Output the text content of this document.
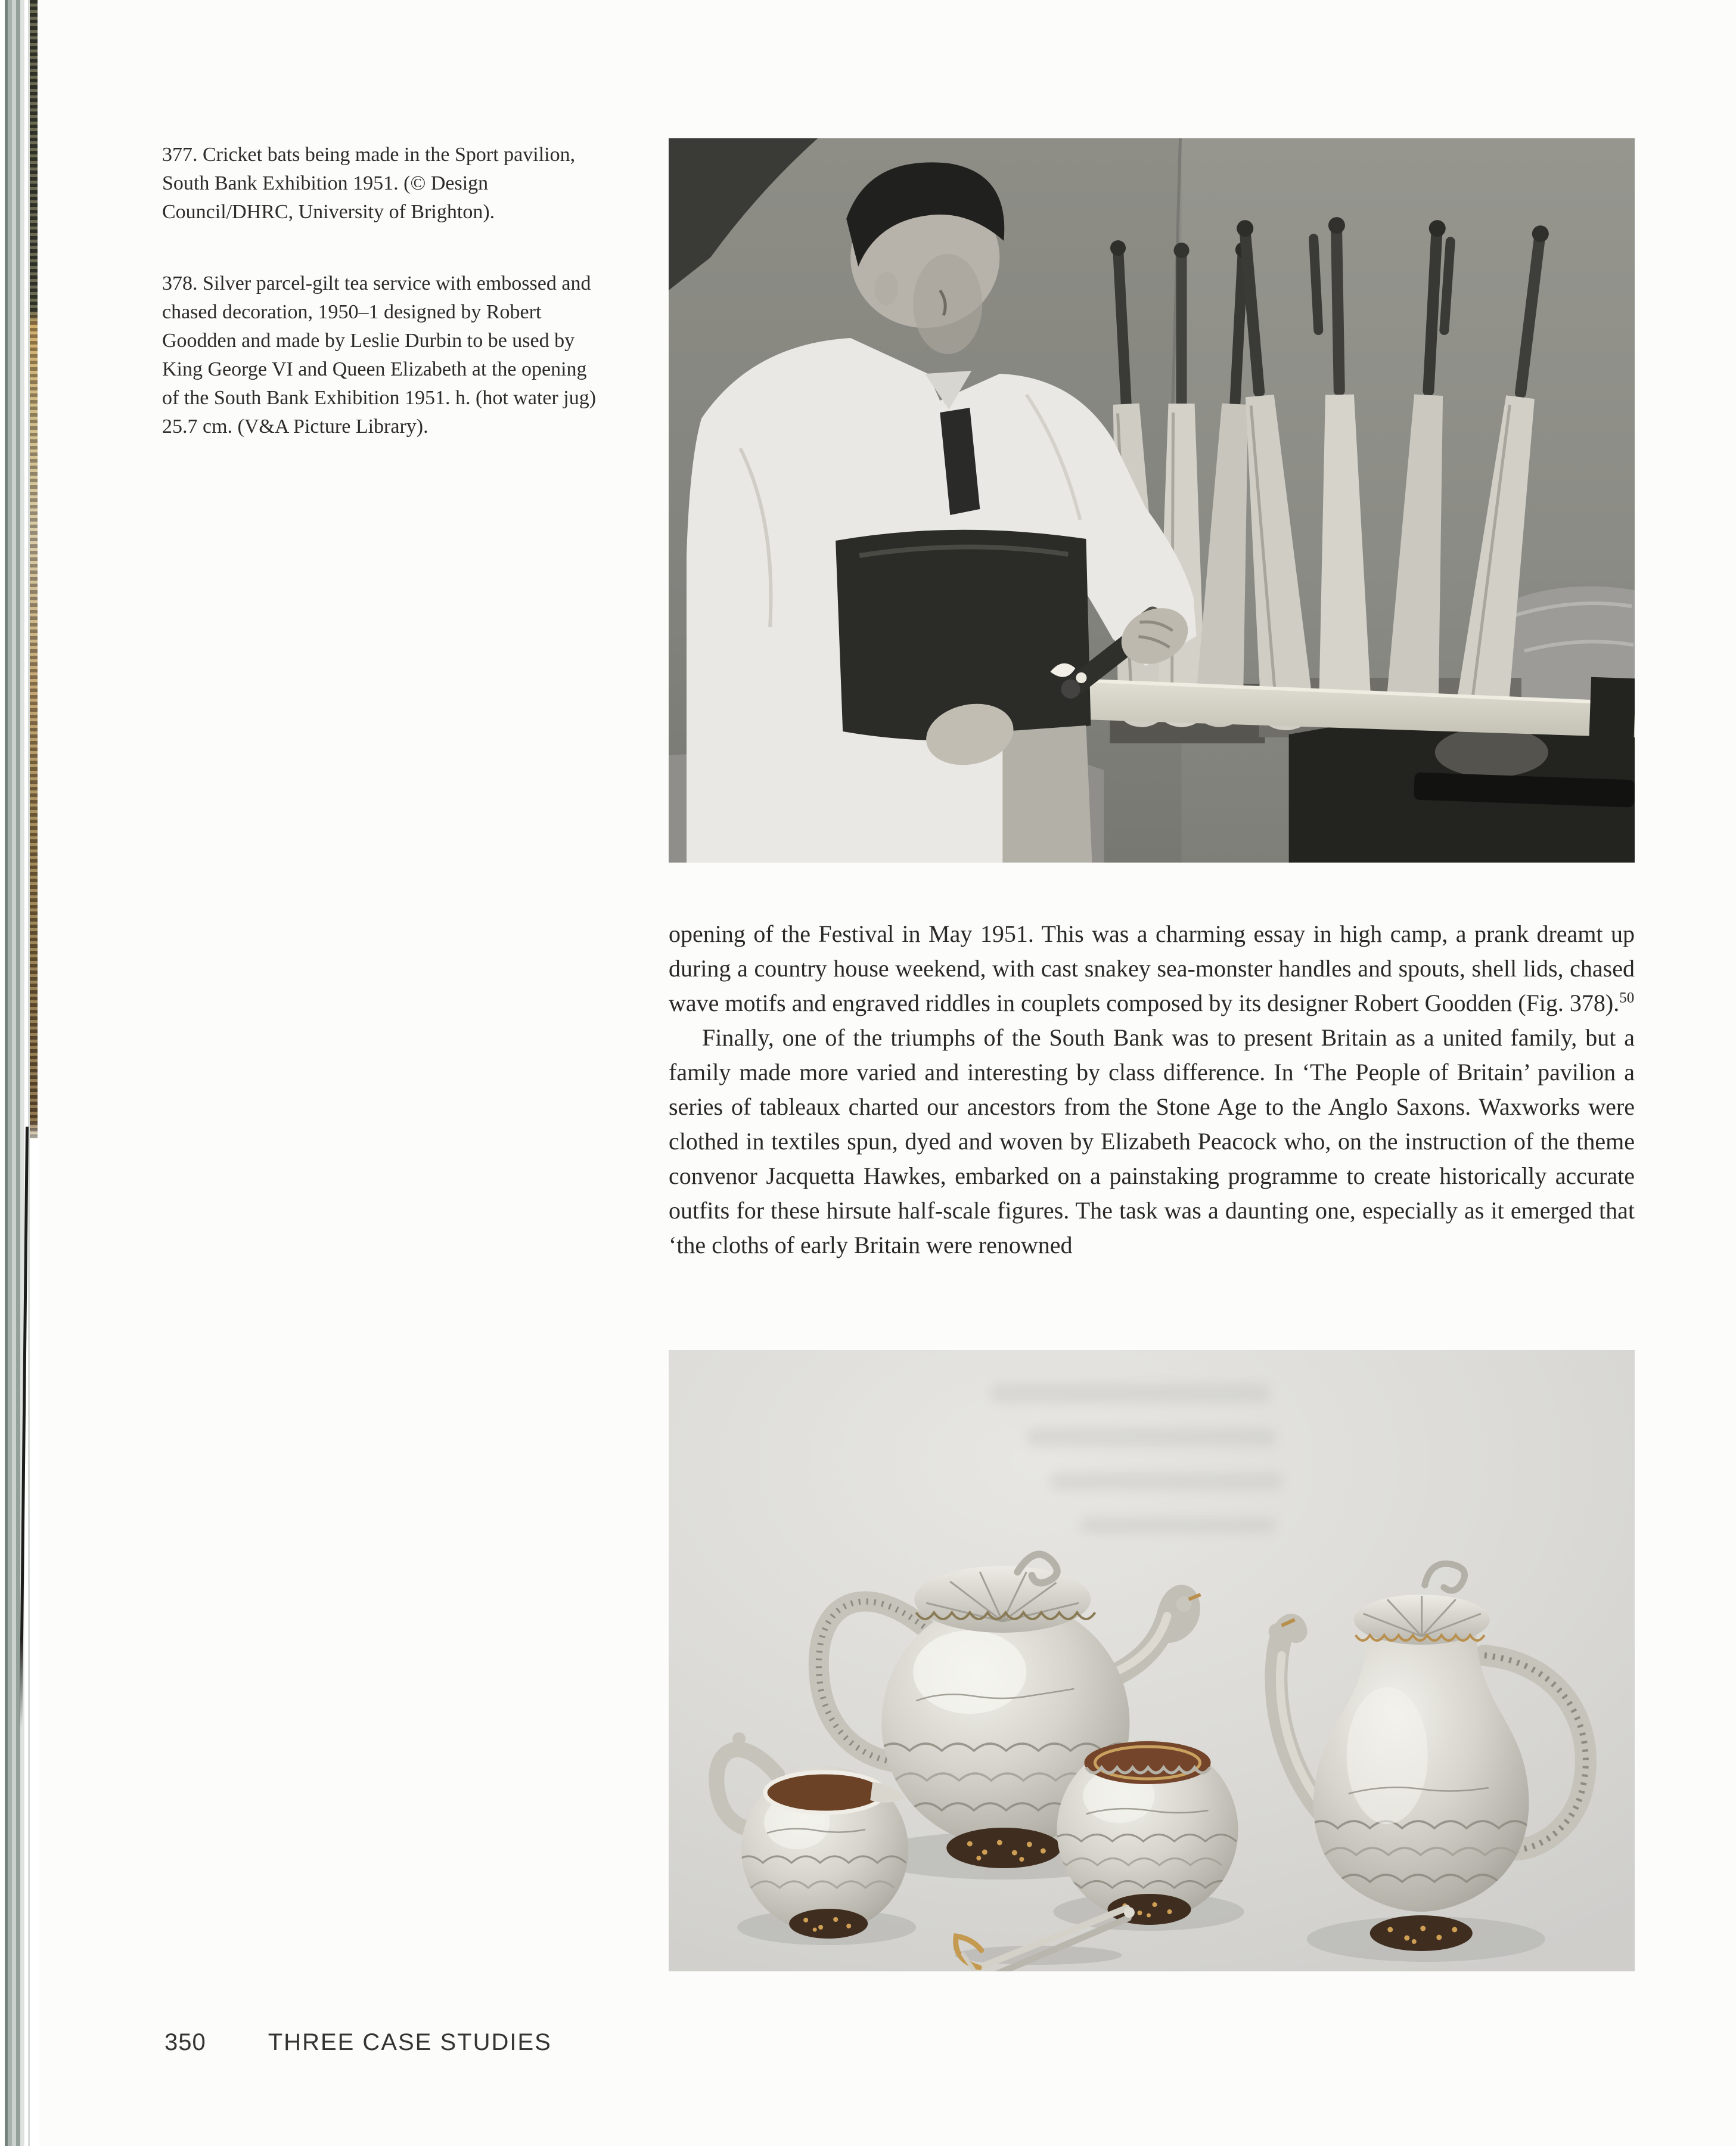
377. Cricket bats being made in the Sport pavilion, South Bank Exhibition 1951. (© Design Council/DHRC, University of Brighton).

378. Silver parcel-gilt tea service with embossed and chased decoration, 1950–1 designed by Robert Goodden and made by Leslie Durbin to be used by King George VI and Queen Elizabeth at the opening of the South Bank Exhibition 1951. h. (hot water jug) 25.7 cm. (V&A Picture Library).

opening of the Festival in May 1951. This was a charming essay in high camp, a prank dreamt up during a country house weekend, with cast snakey sea-monster handles and spouts, shell lids, chased wave motifs and engraved riddles in couplets composed by its designer Robert Goodden (Fig. 378).$^{50}$

Finally, one of the triumphs of the South Bank was to present Britain as a united family, but a family made more varied and interesting by class difference. In ‘The People of Britain’ pavilion a series of tableaux charted our ancestors from the Stone Age to the Anglo Saxons. Waxworks were clothed in textiles spun, dyed and woven by Elizabeth Peacock who, on the instruction of the theme convenor Jacquetta Hawkes, embarked on a painstaking programme to create historically accurate outfits for these hirsute half-scale figures. The task was a daunting one, especially as it emerged that ‘the cloths of early Britain were renowned

350	THREE CASE STUDIES
